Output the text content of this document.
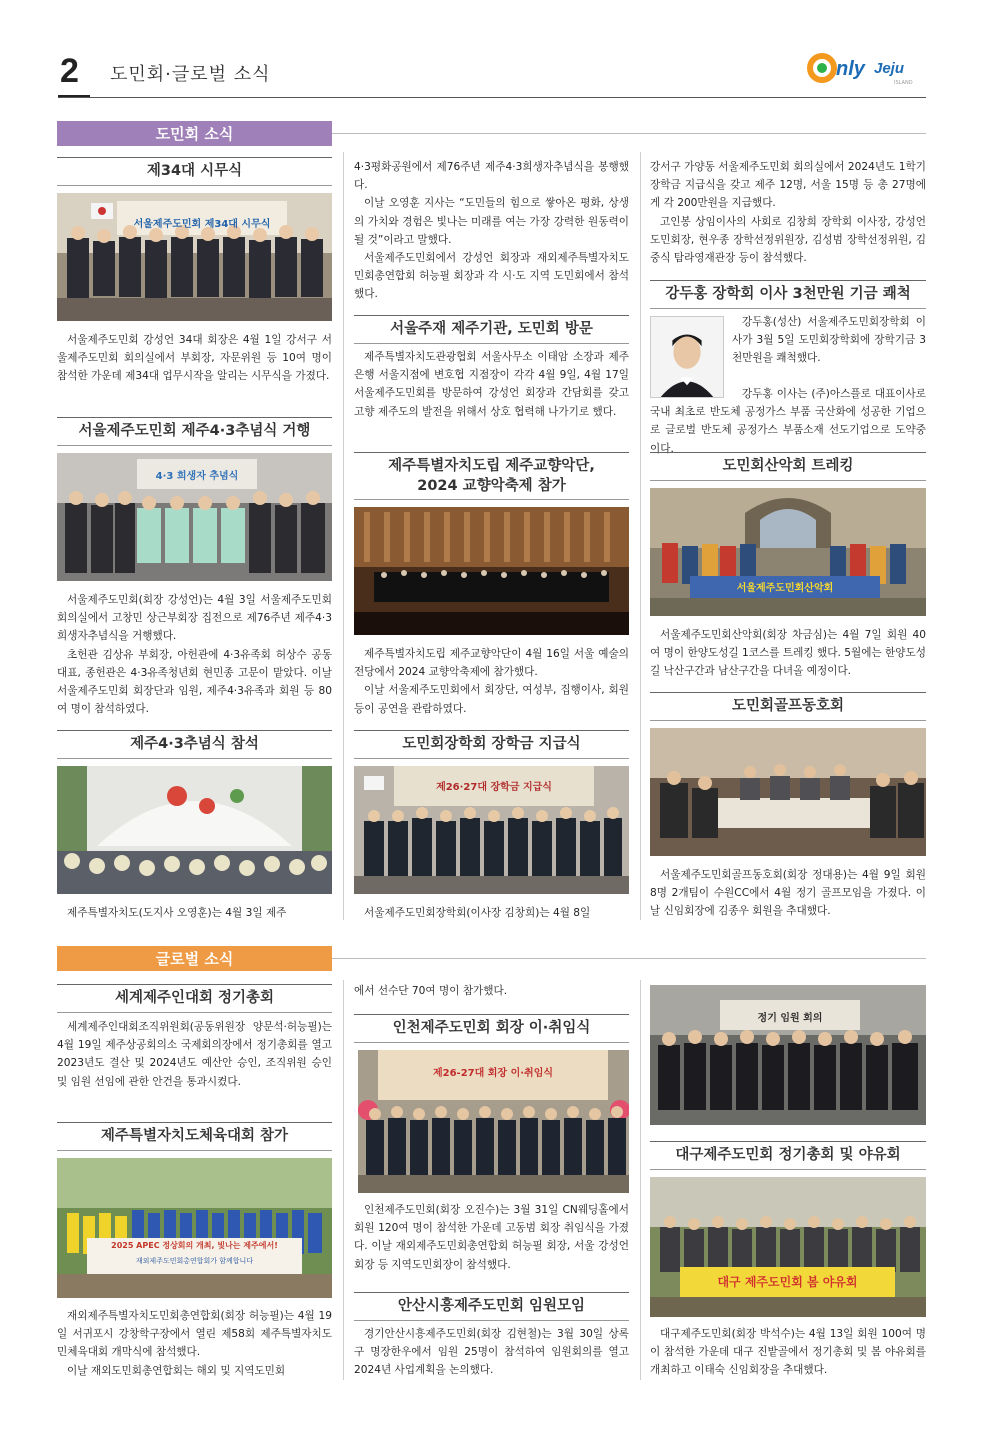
2 도민회·글로벌 소식	nly Jeju
ISLAND
도민회 소식
제34대 시무식
서울제주도민회 제34대 시무식

서울제주도민회 강성언 34대 회장은 4월 1일 강서구 서울제주도민회 회의실에서 부회장, 자문위원 등 10여 명이 참석한 가운데 제34대 업무시작을 알리는 시무식을 가졌다.

서울제주도민회 제주4·3추념식 거행
4·3 희생자 추념식

서울제주도민회(회장 강성언)는 4월 3일 서울제주도민회 회의실에서 고창민 상근부회장 집전으로 제76주년 제주4·3희생자추념식을 거행했다.

초헌관 김상유 부회장, 아헌관에 4·3유족회 허상수 공동대표, 종헌관은 4·3유족청년회 현민종 고문이 맡았다. 이날 서울제주도민회 회장단과 임원, 제주4·3유족과 회원 등 80여 명이 참석하였다.

제주4·3추념식 참석

제주특별자치도(도지사 오영훈)는 4월 3일 제주

4·3평화공원에서 제76주년 제주4·3희생자추념식을 봉행했다.

이날 오영훈 지사는 “도민들의 힘으로 쌓아온 평화, 상생의 가치와 경험은 빛나는 미래를 여는 가장 강력한 원동력이 될 것”이라고 말했다.

서울제주도민회에서 강성언 회장과 재외제주특별자치도민회총연합회 허능필 회장과 각 시·도 지역 도민회에서 참석했다.

서울주재 제주기관, 도민회 방문

제주특별자치도관광협회 서울사무소 이태암 소장과 제주은행 서울지점에 변호협 지점장이 각각 4월 9일, 4월 17일 서울제주도민회를 방문하여 강성언 회장과 간담회를 갖고 고향 제주도의 발전을 위해서 상호 협력해 나가기로 했다.

제주특별자치도립 제주교향악단,
2024 교향악축제 참가

제주특별자치도립 제주교향악단이 4월 16일 서울 예술의 전당에서 2024 교향악축제에 참가했다.

이날 서울제주도민회에서 회장단, 여성부, 집행이사, 회원 등이 공연을 관람하였다.

도민회장학회 장학금 지급식
제26·27대 장학금 지급식

서울제주도민회장학회(이사장 김창희)는 4월 8일

강서구 가양동 서울제주도민회 회의실에서 2024년도 1학기 장학금 지급식을 갖고 제주 12명, 서울 15명 등 총 27명에게 각 200만원을 지급했다.

고인봉 상임이사의 사회로 김창희 장학회 이사장, 강성언 도민회장, 현우종 장학선정위원장, 김성범 장학선정위원, 김중식 탐라영재관장 등이 참석했다.

강두홍 장학회 이사 3천만원 기금 쾌척

강두홍(성산) 서울제주도민회장학회 이사가 3월 5일 도민회장학회에 장학기금 3천만원을 쾌척했다.

강두홍 이사는 (주)아스플로 대표이사로 국내 최초로 반도체 공정가스 부품 국산화에 성공한 기업으로 글로벌 반도체 공정가스 부품소재 선도기업으로 도약중이다.

도민회산악회 트레킹
서울제주도민회산악회

서울제주도민회산악회(회장 차금심)는 4월 7일 회원 40여 명이 한양도성길 1코스를 트레킹 했다. 5월에는 한양도성길 낙산구간과 남산구간을 다녀올 예정이다.

도민회골프동호회

서울제주도민회골프동호회(회장 정대용)는 4월 9일 회원 8명 2개팀이 수원CC에서 4월 정기 골프모임을 가졌다. 이날 신임회장에 김종우 회원을 추대했다.

글로벌 소식
세계제주인대회 정기총회

세계제주인대회조직위원회(공동위원장 양문석·허능필)는 4월 19일 제주상공회의소 국제회의장에서 정기총회를 열고 2023년도 결산 및 2024년도 예산안 승인, 조직위원 승인 및 임원 선임에 관한 안건을 통과시켰다.

제주특별자치도체육대회 참가
2025 APEC 정상회의 개최, 빛나는 제주에서!
재외제주도민회총연합회가 함께합니다

재외제주특별자치도민회총연합회(회장 허능필)는 4월 19일 서귀포시 강창학구장에서 열린 제58회 제주특별자치도민체육대회 개막식에 참석했다.

이날 재외도민회총연합회는 해외 및 지역도민회

에서 선수단 70여 명이 참가했다.

인천제주도민회 회장 이·취임식
제26-27대 회장 이·취임식

인천제주도민회(회장 오진수)는 3월 31일 CN웨딩홀에서 회원 120여 명이 참석한 가운데 고동범 회장 취임식을 가졌다. 이날 재외제주도민회총연합회 허능필 회장, 서울 강성언 회장 등 지역도민회장이 참석했다.

안산시흥제주도민회 임원모임

경기안산시흥제주도민회(회장 김현철)는 3월 30일 상록구 명장한우에서 임원 25명이 참석하여 임원회의를 열고 2024년 사업계획을 논의했다.

정기 임원 회의
대구제주도민회 정기총회 및 야유회
대구 제주도민회 봄 야유회

대구제주도민회(회장 박석수)는 4월 13일 회원 100여 명이 참석한 가운데 대구 진밭골에서 정기총회 및 봄 야유회를 개최하고 이태숙 신임회장을 추대했다.
